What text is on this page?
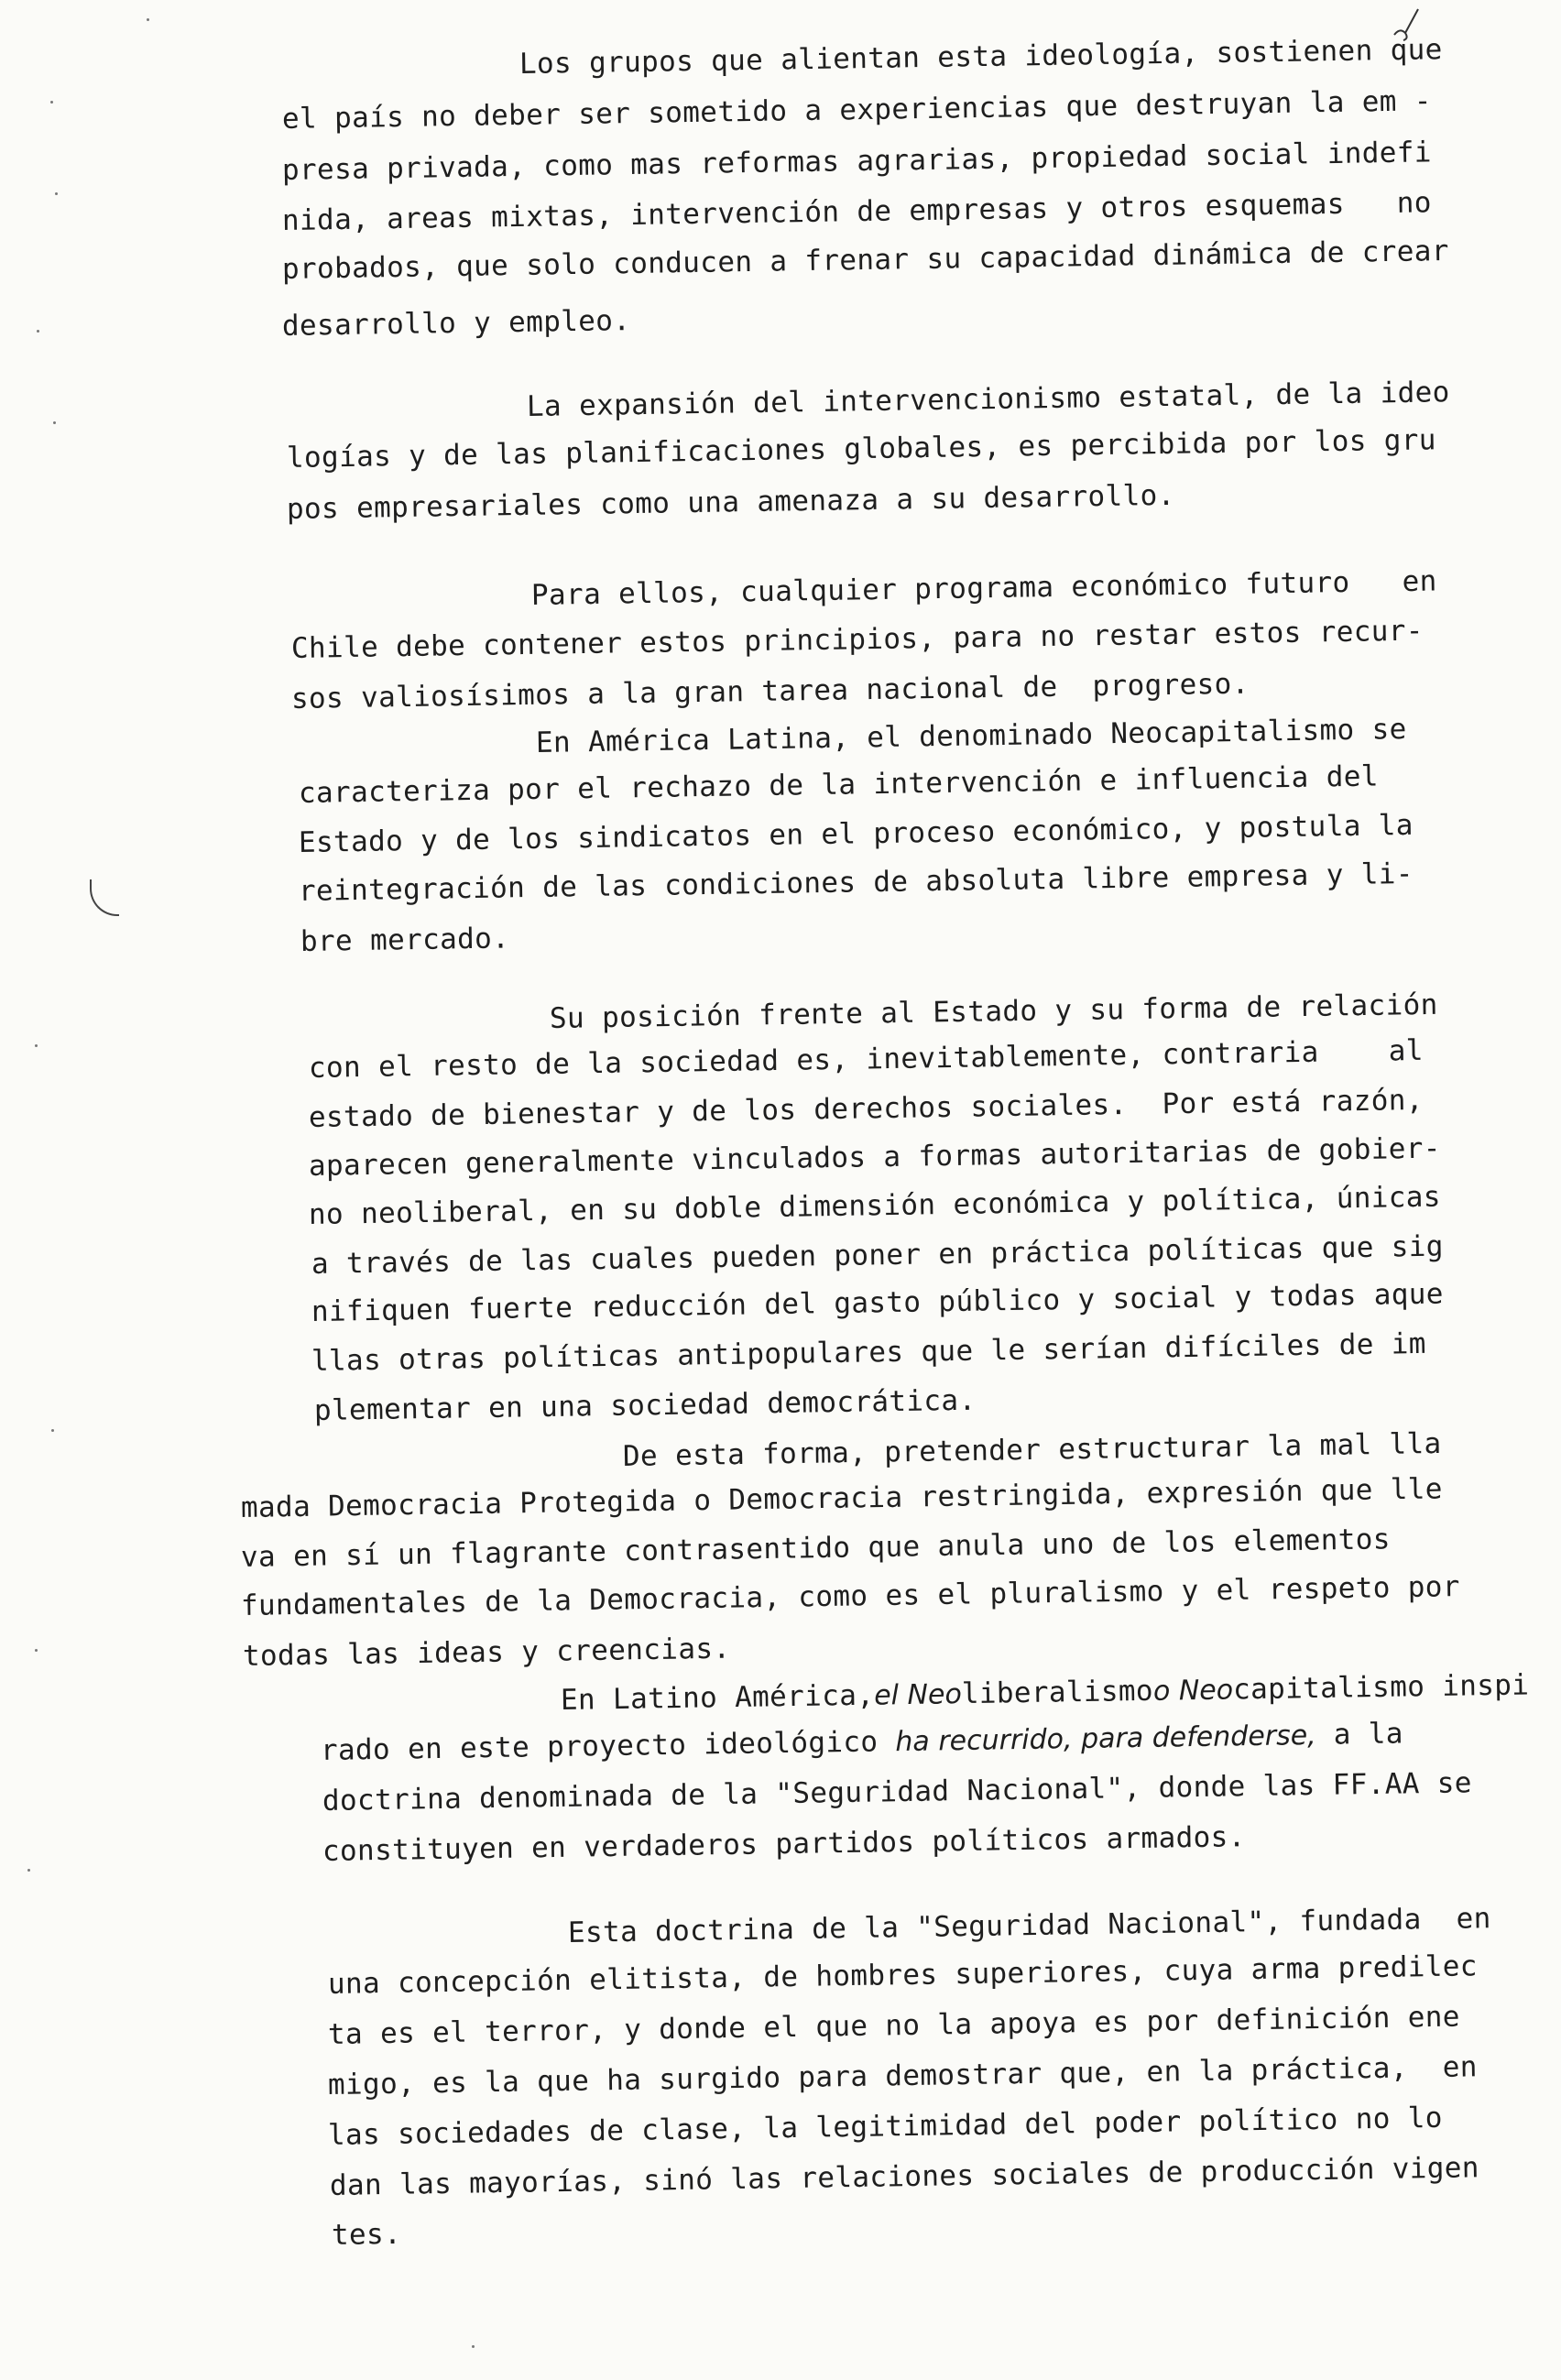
Los grupos que alientan esta ideología, sostienen que
el país no deber ser sometido a experiencias que destruyan la em -
presa privada, como mas reformas agrarias, propiedad social indefi
nida, areas mixtas, intervención de empresas y otros esquemas   no
probados, que solo conducen a frenar su capacidad dinámica de crear
desarrollo y empleo.
La expansión del intervencionismo estatal, de la ideo
logías y de las planificaciones globales, es percibida por los gru
pos empresariales como una amenaza a su desarrollo.
Para ellos, cualquier programa económico futuro   en
Chile debe contener estos principios, para no restar estos recur-
sos valiosísimos a la gran tarea nacional de  progreso.
En América Latina, el denominado Neocapitalismo se
caracteriza por el rechazo de la intervención e influencia del
Estado y de los sindicatos en el proceso económico, y postula la
reintegración de las condiciones de absoluta libre empresa y li-
bre mercado.
Su posición frente al Estado y su forma de relación
con el resto de la sociedad es, inevitablemente, contraria    al
estado de bienestar y de los derechos sociales.  Por está razón,
aparecen generalmente vinculados a formas autoritarias de gobier-
no neoliberal, en su doble dimensión económica y política, únicas
a través de las cuales pueden poner en práctica políticas que sig
nifiquen fuerte reducción del gasto público y social y todas aque
llas otras políticas antipopulares que le serían difíciles de im
plementar en una sociedad democrática.
De esta forma, pretender estructurar la mal lla
mada Democracia Protegida o Democracia restringida, expresión que lle
va en sí un flagrante contrasentido que anula uno de los elementos
fundamentales de la Democracia, como es el pluralismo y el respeto por
todas las ideas y creencias.
En Latino América,el Neoliberalismoo Neocapitalismo inspi
rado en este proyecto ideológico ha recurrido, para defenderse, a la
doctrina denominada de la "Seguridad Nacional", donde las FF.AA se
constituyen en verdaderos partidos políticos armados.
Esta doctrina de la "Seguridad Nacional", fundada  en
una concepción elitista, de hombres superiores, cuya arma predilec
ta es el terror, y donde el que no la apoya es por definición ene
migo, es la que ha surgido para demostrar que, en la práctica,  en
las sociedades de clase, la legitimidad del poder político no lo
dan las mayorías, sinó las relaciones sociales de producción vigen
tes.
